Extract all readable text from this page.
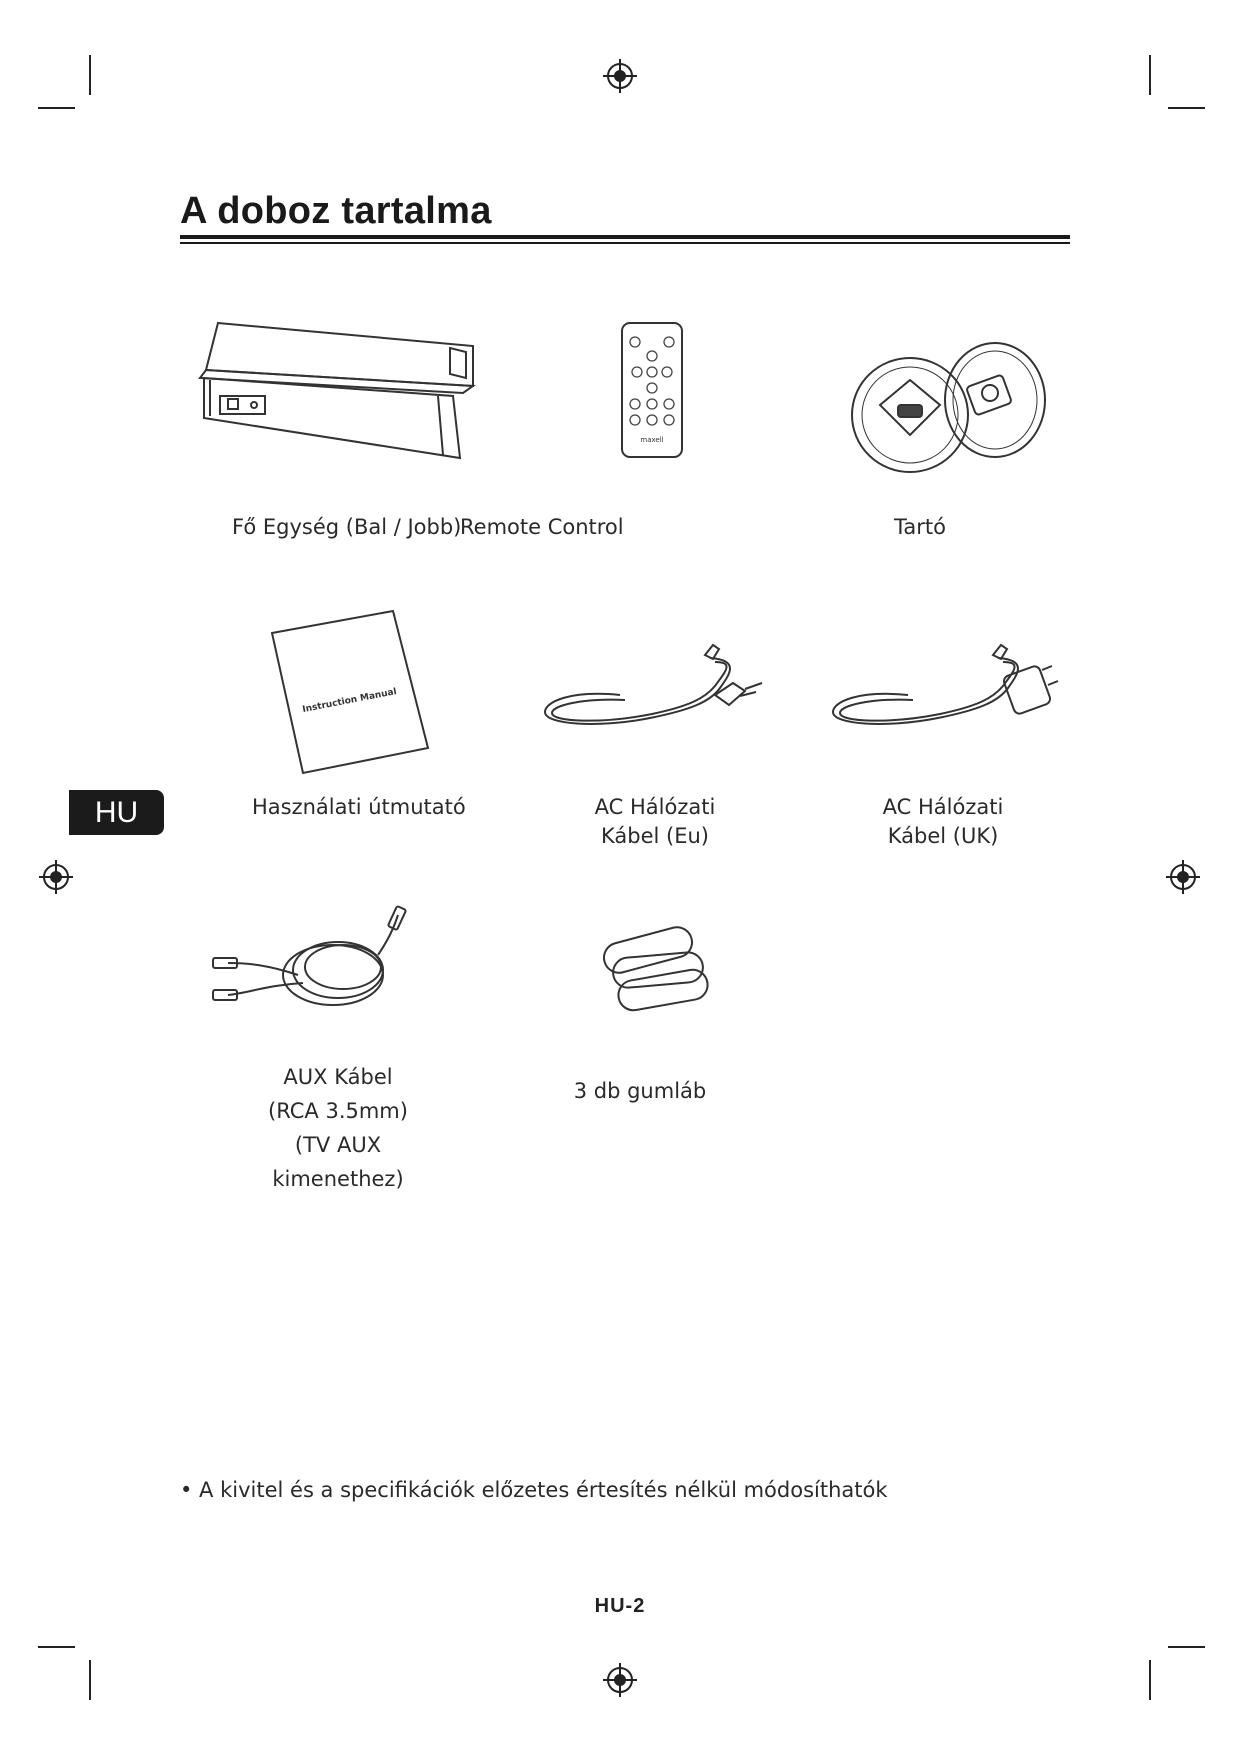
A doboz tartalma
maxell
Fő Egység (Bal / Jobb)
Remote Control	Tartó
Instruction Manual
Használati útmutató	AC Hálózati
Kábel (Eu)
AC Hálózati
Kábel (UK)
HU
AUX Kábel
(RCA 3.5mm)
(TV AUX kimenethez)
3 db gumláb
• A kivitel és a specifikációk előzetes értesítés nélkül módosíthatók
HU-2
